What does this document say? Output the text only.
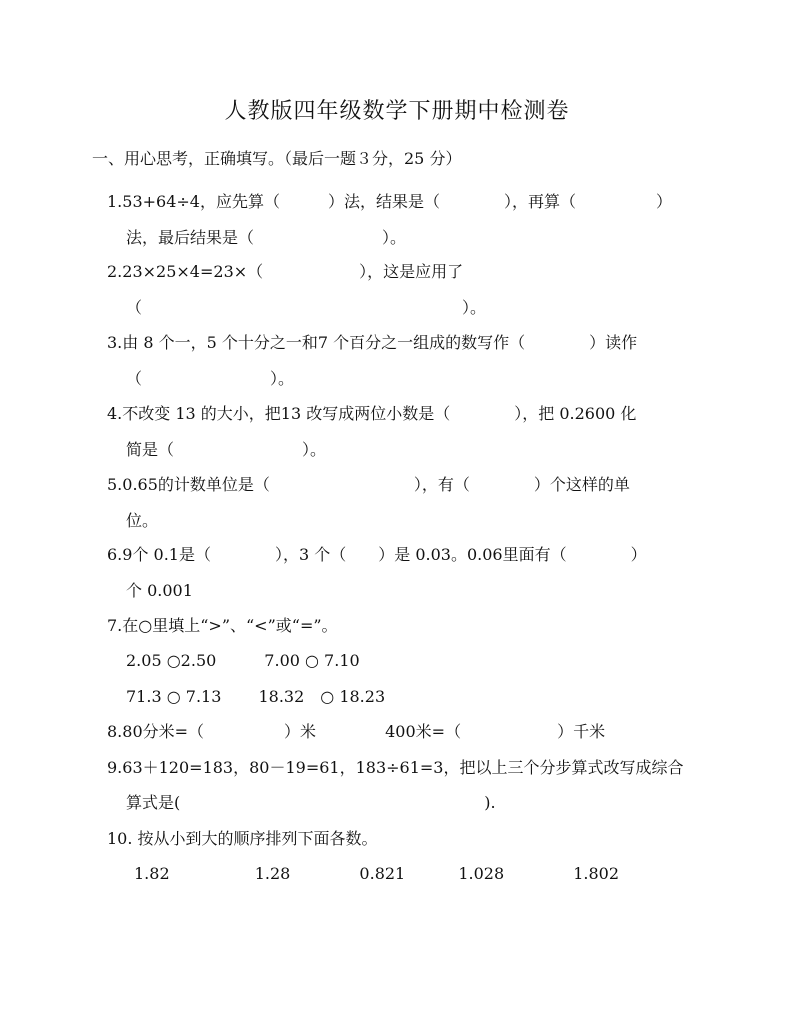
人教版四年级数学下册期中检测卷
一、用心思考，正确填写。（最后一题３分，25 分）
1.53+64÷4，应先算（　　　）法，结果是（　　　　），再算（　　　　　）
法，最后结果是（　　　　　　　　）。
2.23×25×4=23×（　　　　　　），这是应用了
（　　　　　　　　　　　　　　　　　　　　）。
3.由 8 个一，5 个十分之一和7 个百分之一组成的数写作（　　　　）读作
（　　　　　　　　）。
4.不改变 13 的大小，把13 改写成两位小数是（　　　　），把 0.2600 化
简是（　　　　　　　　）。
5.0.65的计数单位是（　　　　　　　　　），有（　　　　）个这样的单
位。
6.9个 0.1是（　　　　），3 个（　　）是 0.03。0.06里面有（　　　　）
个 0.001
7.在○里填上“>”、“<”或“=”。
2.05 ○2.50　　　7.00 ○ 7.10
71.3 ○ 7.13　　 18.32　○ 18.23
8.80分米=（　　　　　）米　　　　 400米=（　　　　　　）千米
9.63＋120=183，80－19=61，183÷61=3，把以上三个分步算式改写成综合
算式是(　　　　　　　　　　　　　　　　　　　).
10. 按从小到大的顺序排列下面各数。
1.82　　　　　 1.28　　　　 0.821　　　 1.028　　　　 1.802
